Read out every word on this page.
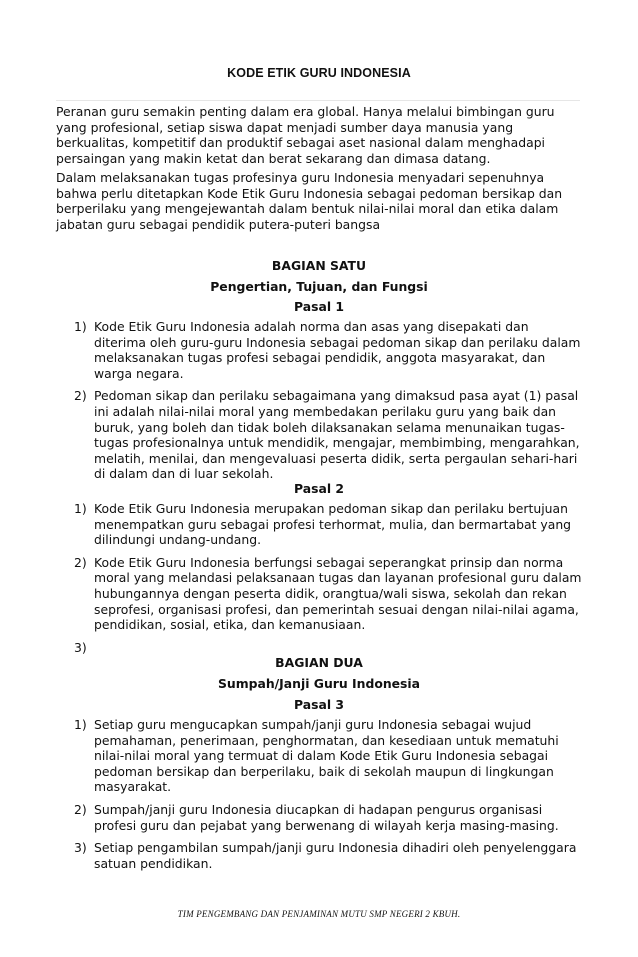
KODE ETIK GURU INDONESIA

Peranan guru semakin penting dalam era global. Hanya melalui bimbingan guru yang profesional, setiap siswa dapat menjadi sumber daya manusia yang berkualitas, kompetitif dan produktif sebagai aset nasional dalam menghadapi persaingan yang makin ketat dan berat sekarang dan dimasa datang.

Dalam melaksanakan tugas profesinya guru Indonesia menyadari sepenuhnya bahwa perlu ditetapkan Kode Etik Guru Indonesia sebagai pedoman bersikap dan berperilaku yang mengejewantah dalam bentuk nilai-nilai moral dan etika dalam jabatan guru sebagai pendidik putera-puteri bangsa

BAGIAN SATU

Pengertian, Tujuan, dan Fungsi

Pasal 1

1) Kode Etik Guru Indonesia adalah norma dan asas yang disepakati dan diterima oleh guru-guru Indonesia sebagai pedoman sikap dan perilaku dalam melaksanakan tugas profesi sebagai pendidik, anggota masyarakat, dan warga negara.
2) Pedoman sikap dan perilaku sebagaimana yang dimaksud pasa ayat (1) pasal ini adalah nilai-nilai moral yang membedakan perilaku guru yang baik dan buruk, yang boleh dan tidak boleh dilaksanakan selama menunaikan tugas-tugas profesionalnya untuk mendidik, mengajar, membimbing, mengarahkan, melatih, menilai, dan mengevaluasi peserta didik, serta pergaulan sehari-hari di dalam dan di luar sekolah.

Pasal 2

1) Kode Etik Guru Indonesia merupakan pedoman sikap dan perilaku bertujuan menempatkan guru sebagai profesi terhormat, mulia, dan bermartabat yang dilindungi undang-undang.
2) Kode Etik Guru Indonesia berfungsi sebagai seperangkat prinsip dan norma moral yang melandasi pelaksanaan tugas dan layanan profesional guru dalam hubungannya dengan peserta didik, orangtua/wali siswa, sekolah dan rekan seprofesi, organisasi profesi, dan pemerintah sesuai dengan nilai-nilai agama, pendidikan, sosial, etika, dan kemanusiaan.
3)

BAGIAN DUA

Sumpah/Janji Guru Indonesia

Pasal 3

1) Setiap guru mengucapkan sumpah/janji guru Indonesia sebagai wujud pemahaman, penerimaan, penghormatan, dan kesediaan untuk mematuhi nilai-nilai moral yang termuat di dalam Kode Etik Guru Indonesia sebagai pedoman bersikap dan berperilaku, baik di sekolah maupun di lingkungan masyarakat.
2) Sumpah/janji guru Indonesia diucapkan di hadapan pengurus organisasi profesi guru dan pejabat yang berwenang di wilayah kerja masing-masing.
3) Setiap pengambilan sumpah/janji guru Indonesia dihadiri oleh penyelenggara satuan pendidikan.
TIM PENGEMBANG DAN PENJAMINAN MUTU SMP NEGERI 2 KBUH.
